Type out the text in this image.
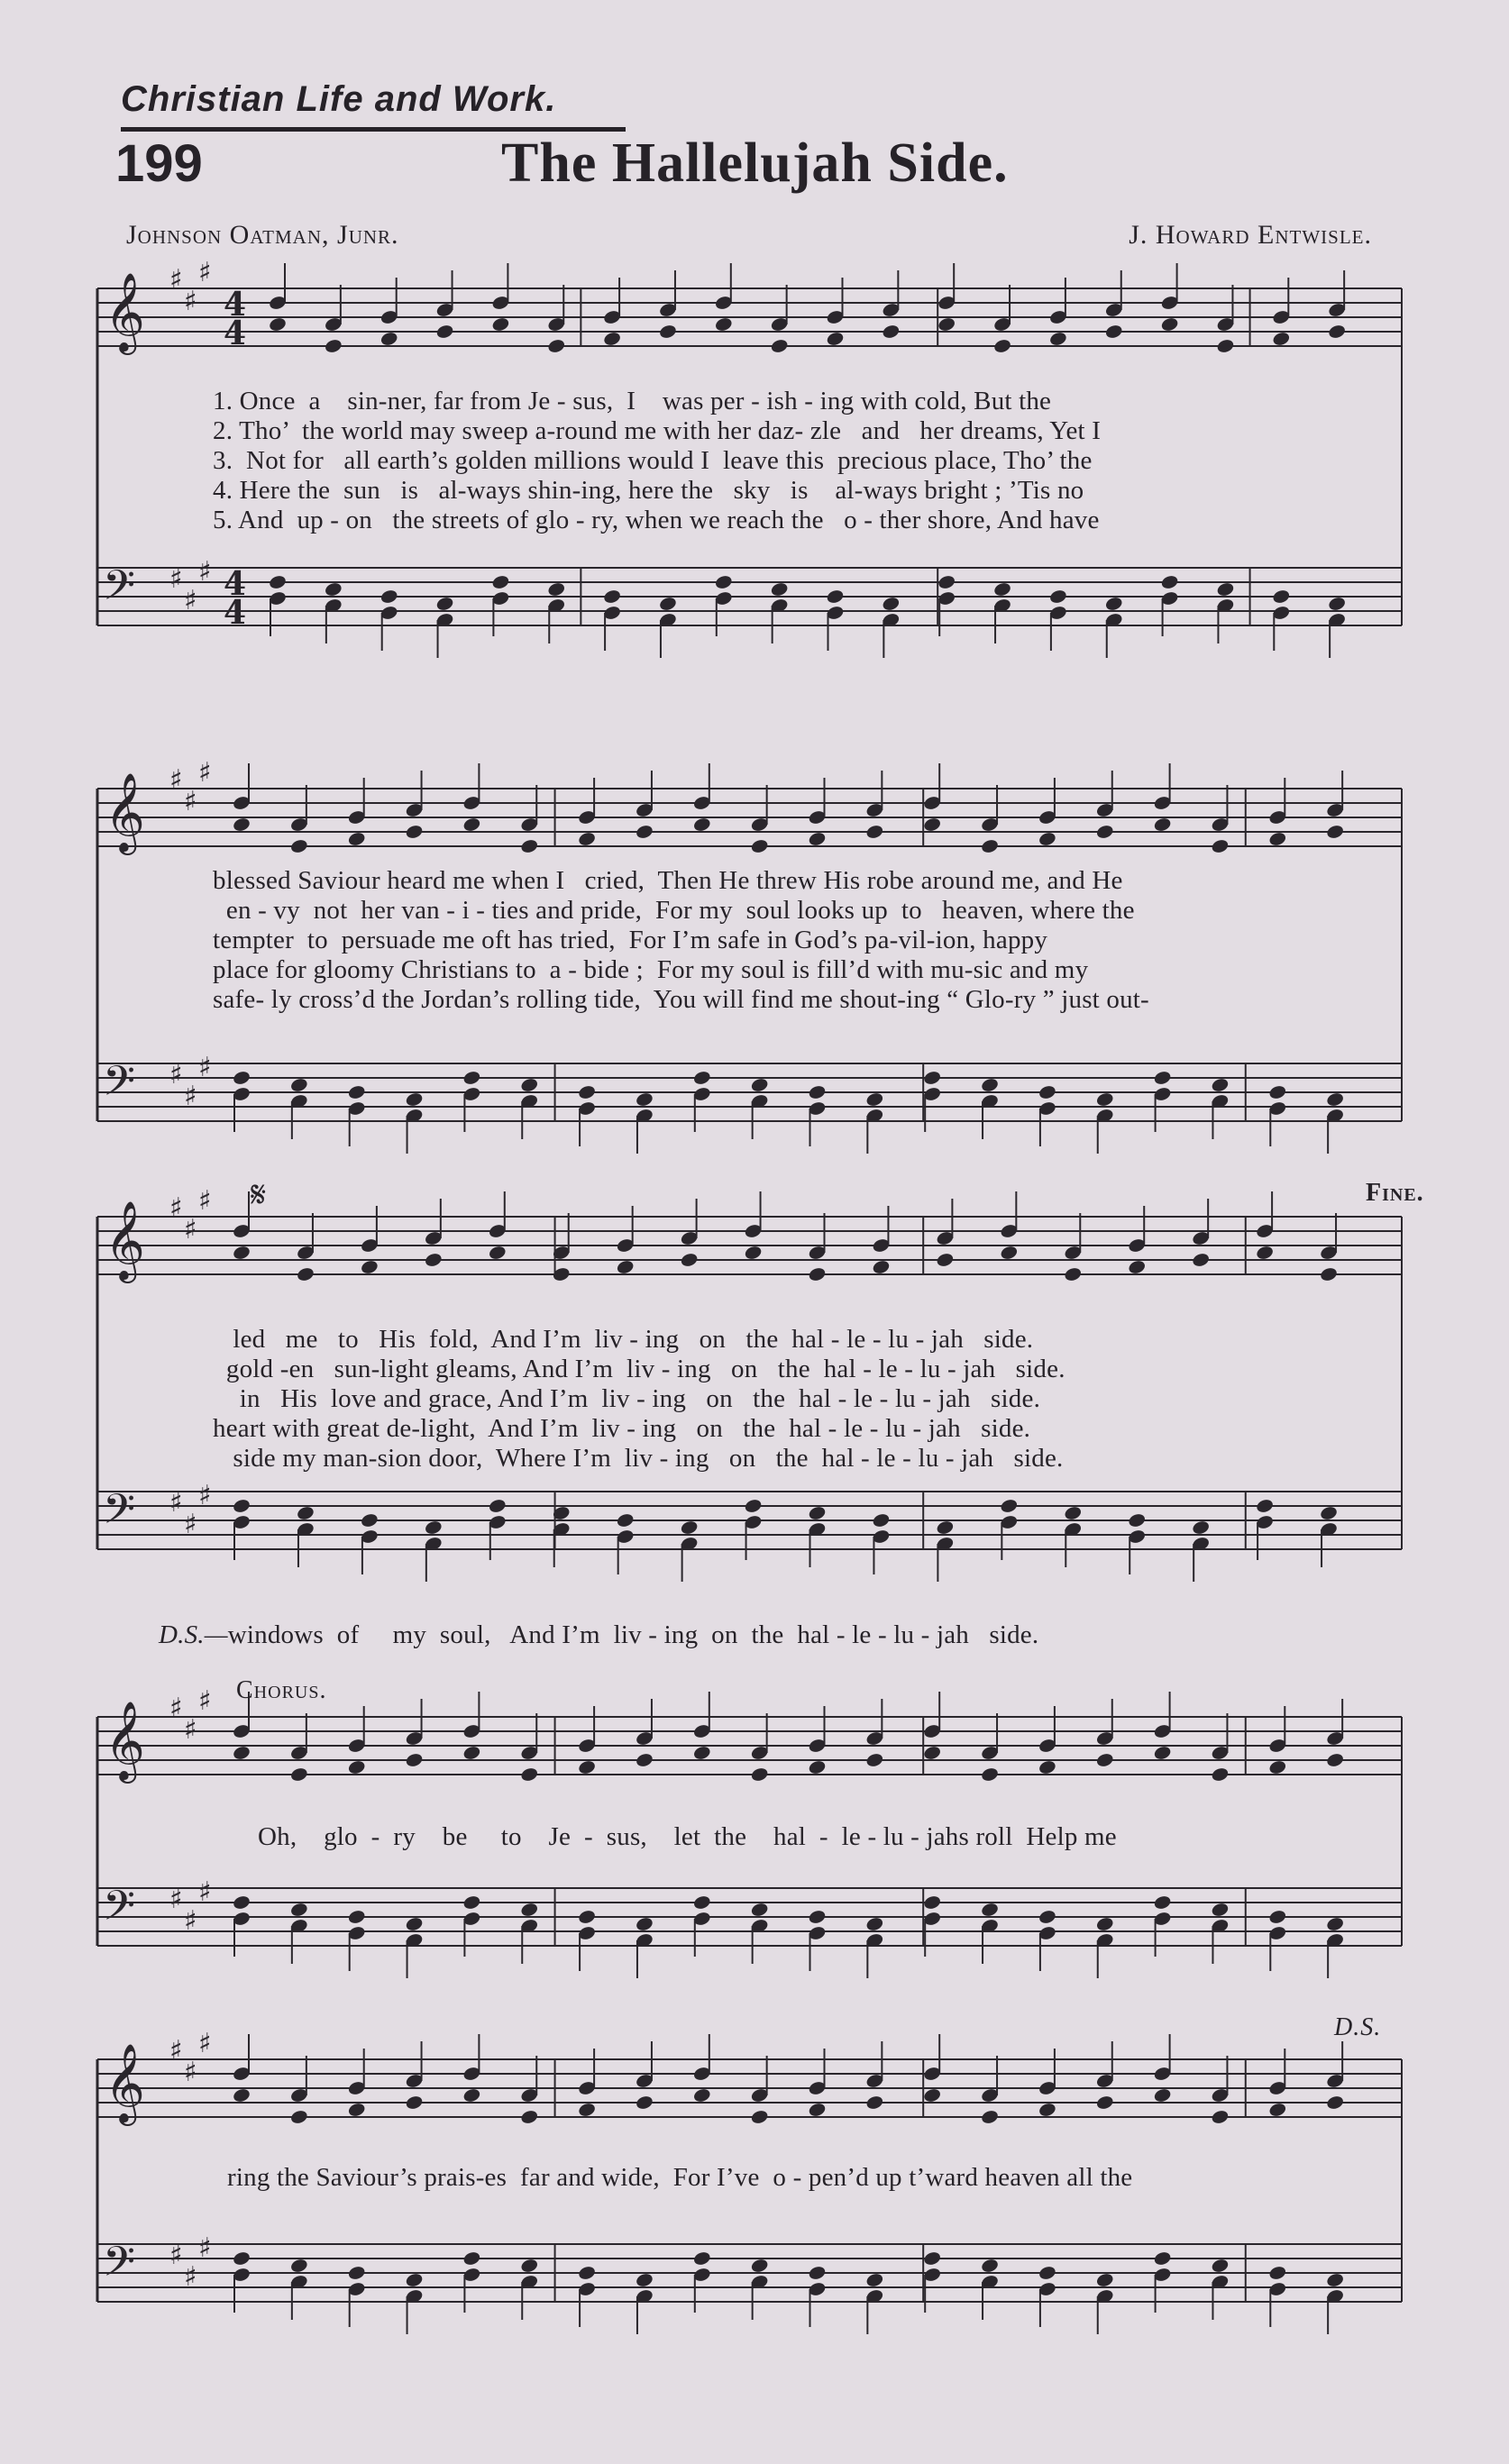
Christian Life and Work.
199	The Hallelujah Side.
Johnson Oatman, Junr.	J. Howard Entwisle.
𝄞
𝄢
♯
♯
♯
♯
♯
♯
4
4
4
4
1. Once  a    sin-ner, far from Je - sus,  I    was per - ish - ing with cold, But the
2. Tho’  the world may sweep a-round me with her daz- zle   and   her dreams, Yet I
3.  Not for   all earth’s golden millions would I  leave this  precious place, Tho’ the
4. Here the  sun   is   al-ways shin-ing, here the   sky   is    al-ways bright ; ’Tis no
5. And  up - on   the streets of glo - ry, when we reach the   o - ther shore, And have
𝄞
𝄢
♯
♯
♯
♯
♯
♯
blessed Saviour heard me when I   cried,  Then He threw His robe around me, and He
en - vy  not  her van - i - ties and pride,  For my  soul looks up  to   heaven, where the
tempter  to  persuade me oft has tried,  For I’m safe in God’s pa-vil-ion, happy
place for gloomy Christians to  a - bide ;  For my soul is fill’d with mu-sic and my
safe- ly cross’d the Jordan’s rolling tide,  You will find me shout-ing “ Glo-ry ” just out-
𝄞
𝄢
♯
♯
♯
♯
♯
♯
𝄋	Fine.
led   me   to   His  fold,  And I’m  liv - ing   on   the  hal - le - lu - jah   side.
gold -en   sun-light gleams, And I’m  liv - ing   on   the  hal - le - lu - jah   side.
in   His  love and grace, And I’m  liv - ing   on   the  hal - le - lu - jah   side.
heart with great de-light,  And I’m  liv - ing   on   the  hal - le - lu - jah   side.
side my man-sion door,  Where I’m  liv - ing   on   the  hal - le - lu - jah   side.
D.S.—windows  of     my  soul,   And I’m  liv - ing  on  the  hal - le - lu - jah   side.
𝄞
𝄢
♯
♯
♯
♯
♯
♯
Chorus.
Oh,    glo  -  ry    be     to    Je  -  sus,    let  the    hal  -  le - lu - jahs roll  Help me
𝄞
𝄢
♯
♯
♯
♯
♯
♯
D.S.
ring the Saviour’s prais-es  far and wide,  For I’ve  o - pen’d up t’ward heaven all the
